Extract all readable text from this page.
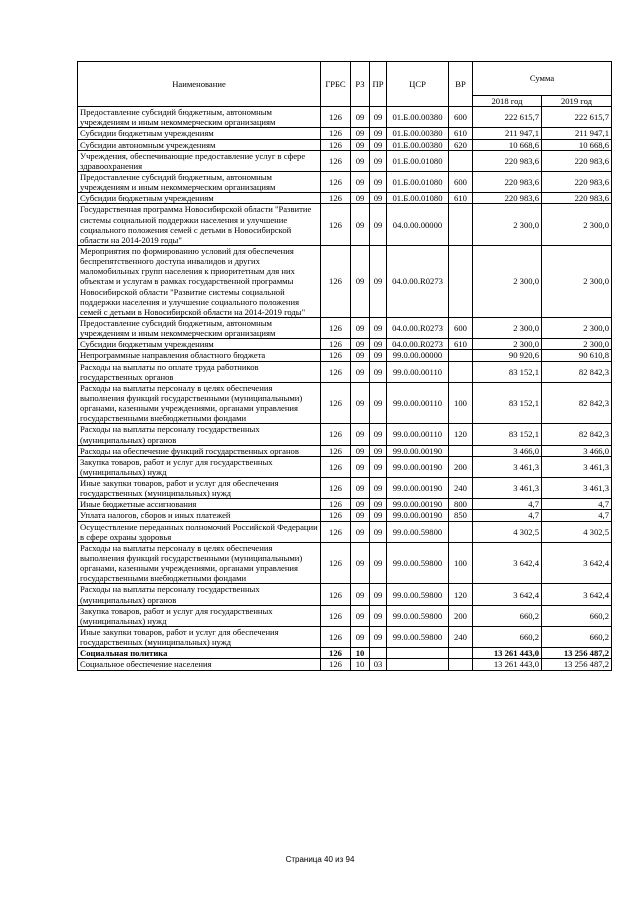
Наименование	ГРБС	РЗ	ПР	ЦСР	ВР	Сумма	
						2018 год	2019 год
Предоставление субсидий бюджетным, автономным учреждениям и иным некоммерческим организациям	126	09	09	01.Б.00.00380	600	222 615,7	222 615,7
Субсидии бюджетным учреждениям	126	09	09	01.Б.00.00380	610	211 947,1	211 947,1
Субсидии автономным учреждениям	126	09	09	01.Б.00.00380	620	10 668,6	10 668,6
Учреждения, обеспечивающие предоставление услуг в сфере здравоохранения	126	09	09	01.Б.00.01080		220 983,6	220 983,6
Предоставление субсидий бюджетным, автономным учреждениям и иным некоммерческим организациям	126	09	09	01.Б.00.01080	600	220 983,6	220 983,6
Субсидии бюджетным учреждениям	126	09	09	01.Б.00.01080	610	220 983,6	220 983,6
Государственная программа Новосибирской области "Развитие системы социальной поддержки населения и улучшение социального положения семей с детьми в Новосибирской области на 2014-2019 годы"	126	09	09	04.0.00.00000		2 300,0	2 300,0
Мероприятия по формированию условий для обеспечения беспрепятственного доступа инвалидов и других маломобильных групп населения к приоритетным для них объектам и услугам в рамках государственной программы Новосибирской области "Развитие системы социальной поддержки населения и улучшение социального положения семей с детьми в Новосибирской области на 2014-2019 годы"	126	09	09	04.0.00.R0273		2 300,0	2 300,0
Предоставление субсидий бюджетным, автономным учреждениям и иным некоммерческим организациям	126	09	09	04.0.00.R0273	600	2 300,0	2 300,0
Субсидии бюджетным учреждениям	126	09	09	04.0.00.R0273	610	2 300,0	2 300,0
Непрограммные направления областного бюджета	126	09	09	99.0.00.00000		90 920,6	90 610,8
Расходы на выплаты по оплате труда работников государственных органов	126	09	09	99.0.00.00110		83 152,1	82 842,3
Расходы на выплаты персоналу в целях обеспечения выполнения функций государственными (муниципальными) органами, казенными учреждениями, органами управления государственными внебюджетными фондами	126	09	09	99.0.00.00110	100	83 152,1	82 842,3
Расходы на выплаты персоналу государственных (муниципальных) органов	126	09	09	99.0.00.00110	120	83 152,1	82 842,3
Расходы на обеспечение функций государственных органов	126	09	09	99.0.00.00190		3 466,0	3 466,0
Закупка товаров, работ и услуг для государственных (муниципальных) нужд	126	09	09	99.0.00.00190	200	3 461,3	3 461,3
Иные закупки товаров, работ и услуг для обеспечения государственных (муниципальных) нужд	126	09	09	99.0.00.00190	240	3 461,3	3 461,3
Иные бюджетные ассигнования	126	09	09	99.0.00.00190	800	4,7	4,7
Уплата налогов, сборов и иных платежей	126	09	09	99.0.00.00190	850	4,7	4,7
Осуществление переданных полномочий Российской Федерации в сфере охраны здоровья	126	09	09	99.0.00.59800		4 302,5	4 302,5
Расходы на выплаты персоналу в целях обеспечения выполнения функций государственными (муниципальными) органами, казенными учреждениями, органами управления государственными внебюджетными фондами	126	09	09	99.0.00.59800	100	3 642,4	3 642,4
Расходы на выплаты персоналу государственных (муниципальных) органов	126	09	09	99.0.00.59800	120	3 642,4	3 642,4
Закупка товаров, работ и услуг для государственных (муниципальных) нужд	126	09	09	99.0.00.59800	200	660,2	660,2
Иные закупки товаров, работ и услуг для обеспечения государственных (муниципальных) нужд	126	09	09	99.0.00.59800	240	660,2	660,2
Социальная политика	126	10				13 261 443,0	13 256 487,2
Социальное обеспечение населения	126	10	03			13 261 443,0	13 256 487,2
Страница 40 из 94
